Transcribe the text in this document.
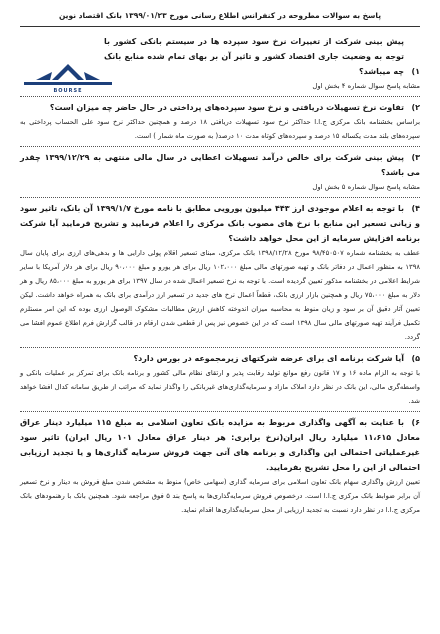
پاسخ به سوالات مطروحه در کنفرانس اطلاع رسانی مورخ ۱۳۹۹/۰۱/۲۳ بانک اقتصاد نوین
BOURSE

۱)پیش بینی شرکت از تغییرات نرخ سود سپرده ها در سیستم بانکی کشور با توجه به وضعیت جاری اقتصاد کشور و تاثیر آن بر بهای تمام شده منابع بانک چه میباشد؟

مشابه پاسخ سوال شماره ۴ بخش اول

۲)تفاوت نرخ تسهیلات دریافتی و نرخ سود سپرده‌های پرداختی در حال حاضر چه میزان است؟

براساس بخشنامه بانک مرکزی ج.ا.ا حداکثر نرخ سود تسهیلات دریافتی ۱۸ درصد و همچنین حداکثر نرخ سود علی الحساب پرداختی به سپرده‌های بلند مدت یکساله ۱۵ درصد و سپرده‌های کوتاه مدت ۱۰ درصد( به صورت ماه شمار ) است.

۳)پیش بینی شرکت برای خالص درآمد تسهیلات اعطایی در سال مالی منتهی به ۱۳۹۹/۱۲/۲۹ چقدر می باشد؟

مشابه پاسخ سوال شماره ۵ بخش اول

۴)با توجه به اعلام موجودی ارز ۴۴۳ میلیون یورویی مطابق با نامه مورخ ۱۳۹۹/۱/۷ آن بانک، تاثیر سود و زیانی تسعیر این منابع با نرخ های مصوب بانک مرکزی را اعلام فرمایید و تشریح فرمایید آیا شرکت برنامه افزایش سرمایه از این محل خواهد داشت؟

عطف به بخشنامه شماره ۹۸/۴۵۰۵۰۷ مورخ ۱۳۹۸/۱۲/۲۸ بانک مرکزی، مبنای تسعیر اقلام پولی دارایی ها و بدهی‌های ارزی برای پایان سال ۱۳۹۸ به منظور اعمال در دفاتر بانک و تهیه صورتهای مالی مبلغ ۱۰۲،۰۰۰ ریال برای هر یورو و مبلغ ۹۰،۰۰۰ ریال برای هر دلار آمریکا با سایر شرایط اعلامی در بخشنامه مذکور تعیین گردیده است. با توجه به نرخ تسعیر اعمال شده در سال ۱۳۹۷ برای هر یورو به مبلغ ۸۵،۰۰۰ ریال و هر دلار به مبلغ ۷۵،۰۰۰ ریال و همچنین بازار ارزی بانک، قطعاً اعمال نرخ های جدید در تسعیر ارز درآمدی برای بانک به همراه خواهد داشت. لیکن تعیین آثار دقیق آن بر سود و زیان منوط به محاسبه میزان اندوخته کاهش ارزش مطالبات مشکوک الوصول ارزی بوده که این امر مستلزم تکمیل فرآیند تهیه صورتهای مالی سال ۱۳۹۸ است که در این خصوص نیز پس از قطعی شدن ارقام در قالب گزارش فرم اطلاع عموم افشا می گردد.

۵)آیا شرکت برنامه ای برای عرضه شرکتهای زیرمجموعه در بورس دارد؟

با توجه به الزام ماده ۱۶ و ۱۷ قانون رفع موانع تولید رقابت پذیر و ارتقای نظام مالی کشور و برنامه بانک برای تمرکز بر عملیات بانکی و واسطه‌گری مالی، این بانک در نظر دارد املاک مازاد و سرمایه‌گذاری‌های غیربانکی را واگذار نماید که مراتب از طریق سامانه کدال افشا خواهد شد.

۶)با عنایت به آگهی واگذاری مربوط به مزایده بانک تعاون اسلامی به مبلغ ۱۱۵ میلیارد دینار عراق معادل ۱۱،۶۱۵ میلیارد ریال ایران(نرخ برابری: هر دینار عراق معادل ۱۰۱ ریال ایران) تاثیر سود غیرعملیاتی احتمالی این واگذاری و برنامه های آتی جهت فروش سرمایه گذاری‌ها و یا تجدید ارزیابی احتمالی از این را محل تشریح بفرمایید.

تعیین ارزش واگذاری سهام بانک تعاون اسلامی برای سرمایه گذاری (سهامی خاص) منوط به مشخص شدن مبلغ فروش به دینار و نرخ تسعیر آن برابر ضوابط بانک مرکزی ج.ا.ا است. درخصوص فروش سرمایه‌گذاری‌ها به پاسخ بند ۵ فوق مراجعه شود. همچنین بانک با رهنمودهای بانک مرکزی ج.ا.ا در نظر دارد نسبت به تجدید ارزیابی از محل سرمایه‌گذاری‌ها اقدام نماید.
